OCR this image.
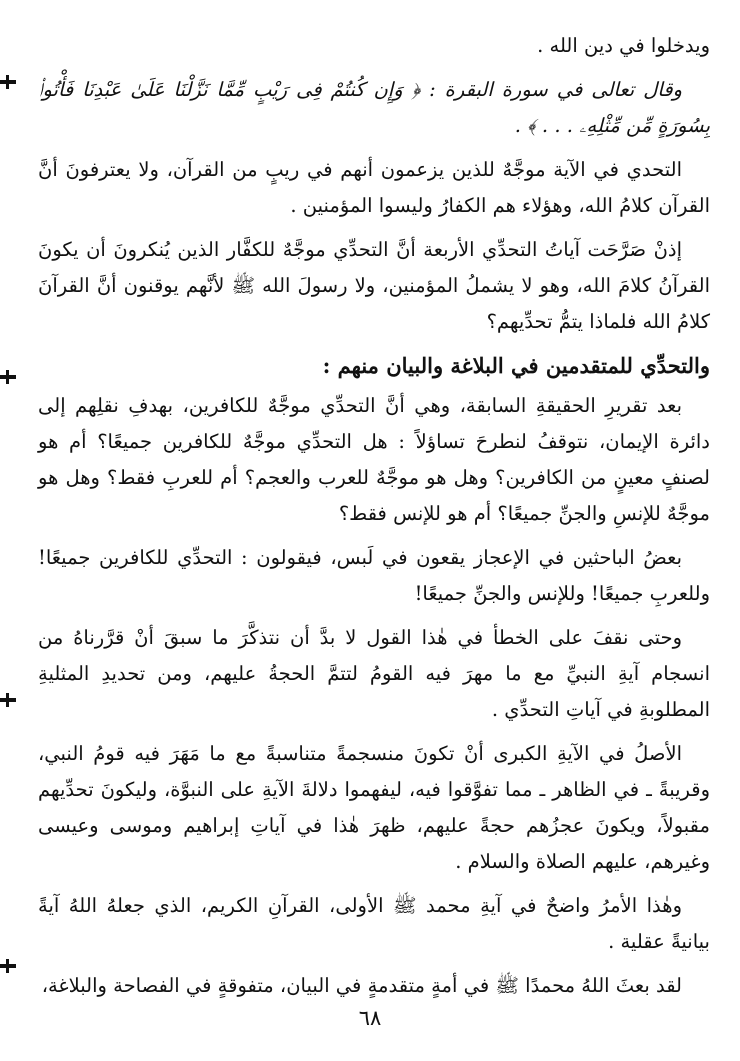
ويدخلوا في دين الله .

وقال تعالى في سورة البقرة : ﴿ وَإِن كُنتُمْ فِى رَيْبٍ مِّمَّا نَزَّلْنَا عَلَىٰ عَبْدِنَا فَأْتُوا۟ بِسُورَةٍ مِّن مِّثْلِهِۦ . . . ﴾ .

التحدي في الآية موجَّهٌ للذين يزعمون أنهم في ريبٍ من القرآن، ولا يعترفونَ أنَّ القرآن كلامُ الله، وهؤلاء هم الكفارُ وليسوا المؤمنين .

إذنْ صَرَّحَت آياتُ التحدِّي الأربعة أنَّ التحدِّي موجَّهٌ للكفَّار الذين يُنكرونَ أن يكونَ القرآنُ كلامَ الله، وهو لا يشملُ المؤمنين، ولا رسولَ الله ﷺ لأنَّهم يوقنون أنَّ القرآنَ كلامُ الله فلماذا يتمُّ تحدِّيهم؟

والتحدِّي للمتقدمين في البلاغة والبيان منهم :

بعد تقريرِ الحقيقةِ السابقة، وهي أنَّ التحدِّي موجَّهٌ للكافرين، بهدفِ نقلِهم إلى دائرة الإيمان، نتوقفُ لنطرحَ تساؤلاً : هل التحدِّي موجَّهٌ للكافرين جميعًا؟ أم هو لصنفٍ معينٍ من الكافرين؟ وهل هو موجَّهٌ للعرب والعجم؟ أم للعربِ فقط؟ وهل هو موجَّهٌ للإنسِ والجنِّ جميعًا؟ أم هو للإنس فقط؟

بعضُ الباحثين في الإعجاز يقعون في لَبس، فيقولون : التحدِّي للكافرين جميعًا! وللعربِ جميعًا! وللإنس والجنِّ جميعًا!

وحتى نقفَ على الخطأ في هٰذا القول لا بدَّ أن نتذكَّرَ ما سبقَ أنْ قرَّرناهُ من انسجام آيةِ النبيِّ مع ما مهرَ فيه القومُ لتتمَّ الحجةُ عليهم، ومن تحديدِ المثليةِ المطلوبةِ في آياتِ التحدِّي .

الأصلُ في الآيةِ الكبرى أنْ تكونَ منسجمةً متناسبةً مع ما مَهَرَ فيه قومُ النبي، وقريبةً ـ في الظاهر ـ مما تفوَّقوا فيه، ليفهموا دلالةَ الآيةِ على النبوَّة، وليكونَ تحدِّيهم مقبولاً، ويكونَ عجزُهم حجةً عليهم، ظهرَ هٰذا في آياتِ إبراهيم وموسى وعيسى وغيرهم، عليهم الصلاة والسلام .

وهٰذا الأمرُ واضحٌ في آيةِ محمد ﷺ الأولى، القرآنِ الكريم، الذي جعلهُ اللهُ آيةً بيانيةً عقلية .

لقد بعثَ اللهُ محمدًا ﷺ في أمةٍ متقدمةٍ في البيان، متفوقةٍ في الفصاحة والبلاغة،

٦٨
